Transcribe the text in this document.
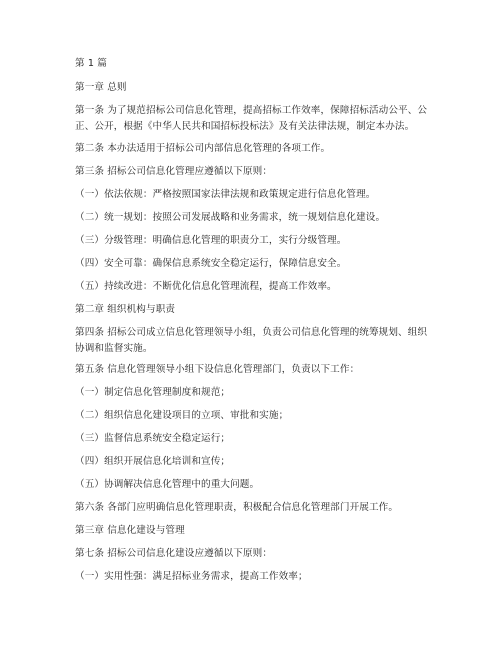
第 1 篇
第一章 总则
第一条 为了规范招标公司信息化管理，提高招标工作效率，保障招标活动公平、公正、公开，根据《中华人民共和国招标投标法》及有关法律法规，制定本办法。
第二条 本办法适用于招标公司内部信息化管理的各项工作。
第三条 招标公司信息化管理应遵循以下原则：
（一）依法依规：严格按照国家法律法规和政策规定进行信息化管理。
（二）统一规划：按照公司发展战略和业务需求，统一规划信息化建设。
（三）分级管理：明确信息化管理的职责分工，实行分级管理。
（四）安全可靠：确保信息系统安全稳定运行，保障信息安全。
（五）持续改进：不断优化信息化管理流程，提高工作效率。
第二章 组织机构与职责
第四条 招标公司成立信息化管理领导小组，负责公司信息化管理的统筹规划、组织协调和监督实施。
第五条 信息化管理领导小组下设信息化管理部门，负责以下工作：
（一）制定信息化管理制度和规范；
（二）组织信息化建设项目的立项、审批和实施；
（三）监督信息系统安全稳定运行；
（四）组织开展信息化培训和宣传；
（五）协调解决信息化管理中的重大问题。
第六条 各部门应明确信息化管理职责，积极配合信息化管理部门开展工作。
第三章 信息化建设与管理
第七条 招标公司信息化建设应遵循以下原则：
（一）实用性强：满足招标业务需求，提高工作效率；
